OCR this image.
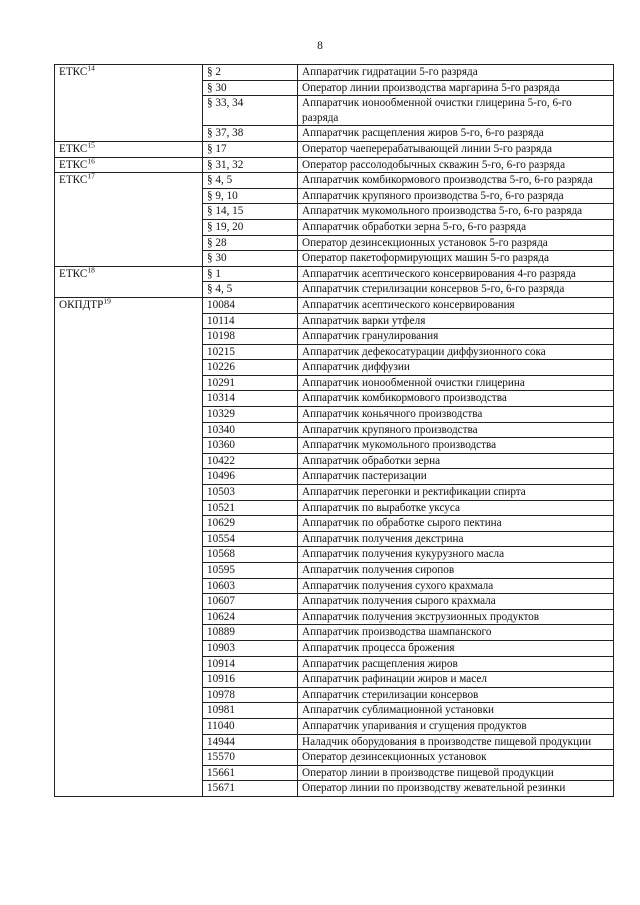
8
ЕТКС$^{14}$	§ 2	Аппаратчик гидратации 5-го разряда
	§ 30	Оператор линии производства маргарина 5-го разряда
	§ 33, 34	Аппаратчик ионообменной очистки глицерина 5-го, 6-го разряда
	§ 37, 38	Аппаратчик расщепления жиров 5-го, 6-го разряда
ЕТКС$^{15}$	§ 17	Оператор чаеперерабатывающей линии 5-го разряда
ЕТКС$^{16}$	§ 31, 32	Оператор рассолодобычных скважин 5-го, 6-го разряда
ЕТКС$^{17}$	§ 4, 5	Аппаратчик комбикормового производства 5-го, 6-го разряда
	§ 9, 10	Аппаратчик крупяного производства 5-го, 6-го разряда
	§ 14, 15	Аппаратчик мукомольного производства 5-го, 6-го разряда
	§ 19, 20	Аппаратчик обработки зерна 5-го, 6-го разряда
	§ 28	Оператор дезинсекционных установок 5-го разряда
	§ 30	Оператор пакетоформирующих машин 5-го разряда
ЕТКС$^{18}$	§ 1	Аппаратчик асептического консервирования 4-го разряда
	§ 4, 5	Аппаратчик стерилизации консервов 5-го, 6-го разряда
ОКПДТР$^{19}$	10084	Аппаратчик асептического консервирования
	10114	Аппаратчик варки утфеля
	10198	Аппаратчик гранулирования
	10215	Аппаратчик дефекосатурации диффузионного сока
	10226	Аппаратчик диффузии
	10291	Аппаратчик ионообменной очистки глицерина
	10314	Аппаратчик комбикормового производства
	10329	Аппаратчик коньячного производства
	10340	Аппаратчик крупяного производства
	10360	Аппаратчик мукомольного производства
	10422	Аппаратчик обработки зерна
	10496	Аппаратчик пастеризации
	10503	Аппаратчик перегонки и ректификации спирта
	10521	Аппаратчик по выработке уксуса
	10629	Аппаратчик по обработке сырого пектина
	10554	Аппаратчик получения декстрина
	10568	Аппаратчик получения кукурузного масла
	10595	Аппаратчик получения сиропов
	10603	Аппаратчик получения сухого крахмала
	10607	Аппаратчик получения сырого крахмала
	10624	Аппаратчик получения экструзионных продуктов
	10889	Аппаратчик производства шампанского
	10903	Аппаратчик процесса брожения
	10914	Аппаратчик расщепления жиров
	10916	Аппаратчик рафинации жиров и масел
	10978	Аппаратчик стерилизации консервов
	10981	Аппаратчик сублимационной установки
	11040	Аппаратчик упаривания и сгущения продуктов
	14944	Наладчик оборудования в производстве пищевой продукции
	15570	Оператор дезинсекционных установок
	15661	Оператор линии в производстве пищевой продукции
	15671	Оператор линии по производству жевательной резинки
